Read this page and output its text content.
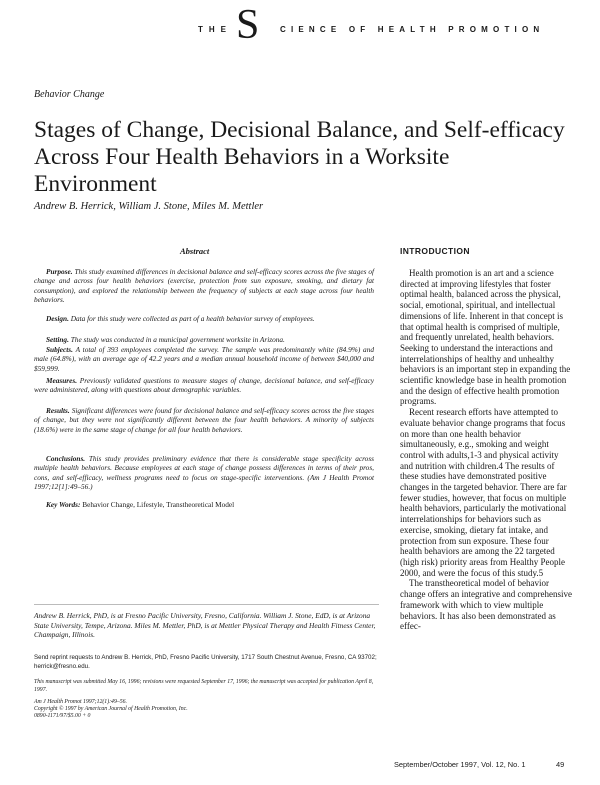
THE S	CIENCE OF HEALTH PROMOTION
Behavior Change
Stages of Change, Decisional Balance, and Self-efficacy Across Four Health Behaviors in a Worksite Environment
Andrew B. Herrick, William J. Stone, Miles M. Mettler
Abstract

Purpose. This study examined differences in decisional balance and self-efficacy scores across the five stages of change and across four health behaviors (exercise, protection from sun exposure, smoking, and dietary fat consumption), and explored the relationship between the frequency of subjects at each stage across four health behaviors.

Design. Data for this study were collected as part of a health behavior survey of employees.

Setting. The study was conducted in a municipal government worksite in Arizona.

Subjects. A total of 393 employees completed the survey. The sample was predominantly white (84.9%) and male (64.8%), with an average age of 42.2 years and a median annual household income of between $40,000 and $59,999.

Measures. Previously validated questions to measure stages of change, decisional balance, and self-efficacy were administered, along with questions about demographic variables.

Results. Significant differences were found for decisional balance and self-efficacy scores across the five stages of change, but they were not significantly different between the four health behaviors. A minority of subjects (18.6%) were in the same stage of change for all four health behaviors.

Conclusions. This study provides preliminary evidence that there is considerable stage specificity across multiple health behaviors. Because employees at each stage of change possess differences in terms of their pros, cons, and self-efficacy, wellness programs need to focus on stage-specific interventions. (Am J Health Promot 1997;12[1]:49–56.)

Key Words: Behavior Change, Lifestyle, Transtheoretical Model

Andrew B. Herrick, PhD, is at Fresno Pacific University, Fresno, California. William J. Stone, EdD, is at Arizona State University, Tempe, Arizona. Miles M. Mettler, PhD, is at Mettler Physical Therapy and Health Fitness Center, Champaign, Illinois.

Send reprint requests to Andrew B. Herrick, PhD, Fresno Pacific University, 1717 South Chestnut Avenue, Fresno, CA 93702; herrick@fresno.edu.

This manuscript was submitted May 16, 1996; revisions were requested September 17, 1996; the manuscript was accepted for publication April 8, 1997.

Am J Health Promot 1997;12(1):49–56.
Copyright © 1997 by American Journal of Health Promotion, Inc.
0890-1171/97/$5.00 + 0
INTRODUCTION

Health promotion is an art and a science directed at improving lifestyles that foster optimal health, balanced across the physical, social, emotional, spiritual, and intellectual dimensions of life. Inherent in that concept is that optimal health is comprised of multiple, and frequently unrelated, health behaviors. Seeking to understand the interactions and interrelationships of healthy and unhealthy behaviors is an important step in expanding the scientific knowledge base in health promotion and the design of effective health promotion programs.

Recent research efforts have attempted to evaluate behavior change programs that focus on more than one health behavior simultaneously, e.g., smoking and weight control with adults,1-3 and physical activity and nutrition with children.4 The results of these studies have demonstrated positive changes in the targeted behavior. There are far fewer studies, however, that focus on multiple health behaviors, particularly the motivational interrelationships for behaviors such as exercise, smoking, dietary fat intake, and protection from sun exposure. These four health behaviors are among the 22 targeted (high risk) priority areas from Healthy People 2000, and were the focus of this study.5

The transtheoretical model of behavior change offers an integrative and comprehensive framework with which to view multiple behaviors. It has also been demonstrated as effec-

September/October 1997, Vol. 12, No. 1	49
